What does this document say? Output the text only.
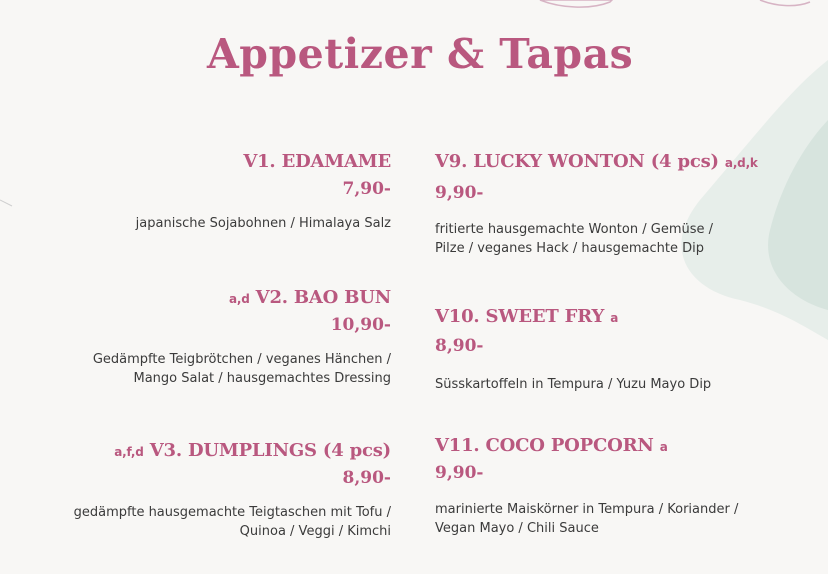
Appetizer & Tapas
V1. EDAMAME
7,90-
japanische Sojabohnen / Himalaya Salz
a,d V2. BAO BUN
10,90-
Gedämpfte Teigbrötchen / veganes Hänchen /
Mango Salat / hausgemachtes Dressing
a,f,d V3. DUMPLINGS (4 pcs)
8,90-
gedämpfte hausgemachte Teigtaschen mit Tofu /
Quinoa / Veggi / Kimchi
V9. LUCKY WONTON (4 pcs) a,d,k
9,90-
fritierte hausgemachte Wonton / Gemüse /
Pilze / veganes Hack / hausgemachte Dip
V10. SWEET FRY a
8,90-
Süsskartoffeln in Tempura / Yuzu Mayo Dip
V11. COCO POPCORN a
9,90-
marinierte Maiskörner in Tempura / Koriander /
Vegan Mayo / Chili Sauce
